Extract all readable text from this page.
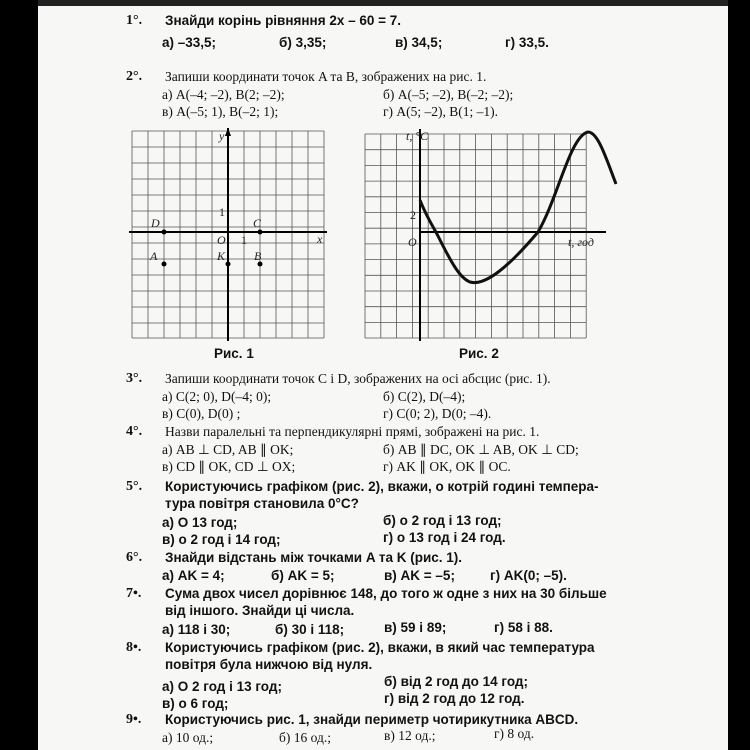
1°. Знайди корінь рівняння 2x – 60 = 7.
а) –33,5;	б) 3,35;	в) 34,5;	г) 33,5.
2°. Запиши координати точок A та B, зображених на рис. 1.
а) A(–4; –2), B(2; –2);	б) A(–5; –2), B(–2; –2);
в) A(–5; 1), B(–2; 1);	г) A(5; –2), B(1; –1).
y
x
O
C
D
A	K B
1
1
Рис. 1
t, °C
t, год
O
2
Рис. 2
3°. Запиши координати точок C і D, зображених на осі абсцис (рис. 1).
а) C(2; 0), D(–4; 0);	б) C(2), D(–4);
в) C(0), D(0) ;	г) C(0; 2), D(0; –4).
4°. Назви паралельні та перпендикулярні прямі, зображені на рис. 1.
а) AB ⊥ CD, AB ∥ OK;	б) AB ∥ DC, OK ⊥ AB, OK ⊥ CD;
в) CD ∥ OK, CD ⊥ OX;	г) AK ∥ OK, OK ∥ OC.
5°. Користуючись графіком (рис. 2), вкажи, о котрій годині темпера-
тура повітря становила 0°С?
а) О 13 год;	б) о 2 год і 13 год;
в) о 2 год і 14 год;	г) о 13 год і 24 год.
6°. Знайди відстань між точками A та K (рис. 1).
а) AK = 4;	б) AK = 5;	в) AK = –5;	г) AK(0; –5).
7•. Сума двох чисел дорівнює 148, до того ж одне з них на 30 більше
від іншого. Знайди ці числа.
а) 118 і 30;	б) 30 і 118;	в) 59 і 89;	г) 58 і 88.
8•. Користуючись графіком (рис. 2), вкажи, в який час температура
повітря була нижчою від нуля.
а) О 2 год і 13 год;	б) від 2 год до 14 год;
в) о 6 год;	г) від 2 год до 12 год.
9•. Користуючись рис. 1, знайди периметр чотирикутника ABCD.
а) 10 од.;	б) 16 од.;	в) 12 од.;	г) 8 од.
